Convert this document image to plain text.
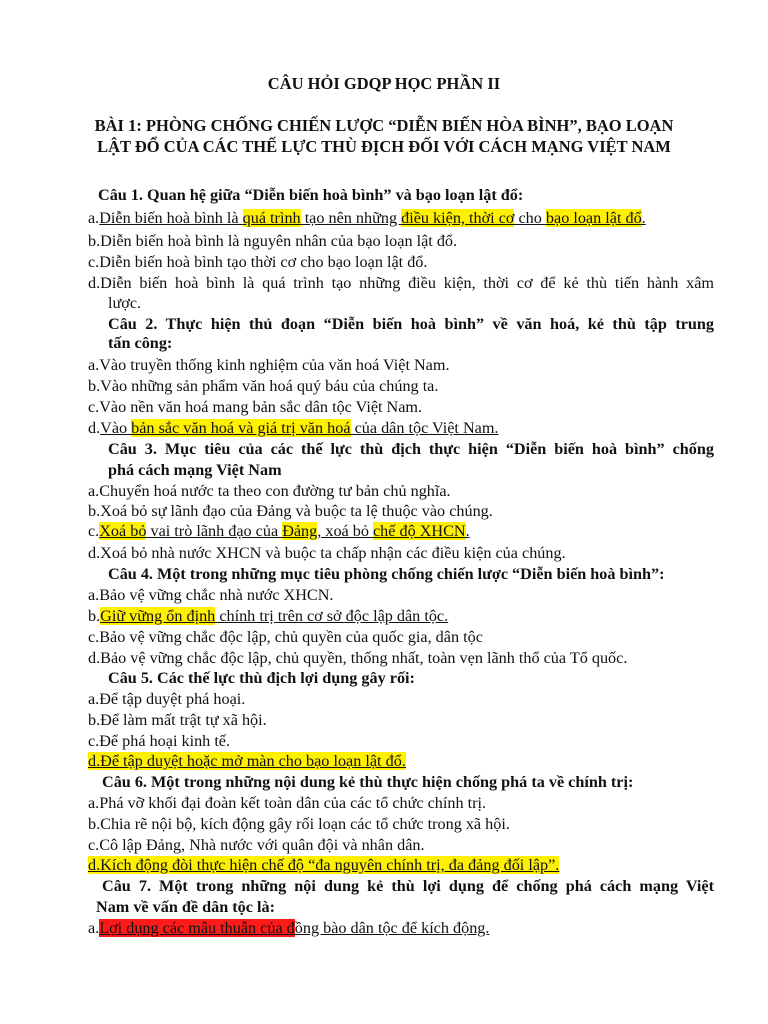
CÂU HỎI GDQP HỌC PHẦN II
BÀI 1: PHÒNG CHỐNG CHIẾN LƯỢC “DIỄN BIẾN HÒA BÌNH”, BẠO LOẠN
LẬT ĐỔ CỦA CÁC THẾ LỰC THÙ ĐỊCH ĐỐI VỚI CÁCH MẠNG VIỆT NAM
Câu 1. Quan hệ giữa “Diễn biến hoà bình” và bạo loạn lật đổ:
a.Diễn biến hoà bình là quá trình tạo nên những điều kiện, thời cơ cho bạo loạn lật đổ.
b.Diễn biến hoà bình là nguyên nhân của bạo loạn lật đổ.
c.Diễn biến hoà bình tạo thời cơ cho bạo loạn lật đổ.
d.Diễn biến hoà bình là quá trình tạo những điều kiện, thời cơ để kẻ thù tiến hành xâm
lược.
Câu 2. Thực hiện thủ đoạn “Diễn biến hoà bình” về văn hoá, kẻ thù tập trung
tấn công:
a.Vào truyền thống kinh nghiệm của văn hoá Việt Nam.
b.Vào những sản phẩm văn hoá quý báu của chúng ta.
c.Vào nền văn hoá mang bản sắc dân tộc Việt Nam.
d.Vào bản sắc văn hoá và giá trị văn hoá của dân tộc Việt Nam.
Câu 3. Mục tiêu của các thế lực thù địch thực hiện “Diễn biến hoà bình” chống
phá cách mạng Việt Nam
a.Chuyển hoá nước ta theo con đường tư bản chủ nghĩa.
b.Xoá bỏ sự lãnh đạo của Đảng và buộc ta lệ thuộc vào chúng.
c.Xoá bỏ vai trò lãnh đạo của Đảng, xoá bỏ chế độ XHCN.
d.Xoá bỏ nhà nước XHCN và buộc ta chấp nhận các điều kiện của chúng.
Câu 4. Một trong những mục tiêu phòng chống chiến lược “Diễn biến hoà bình”:
a.Bảo vệ vững chắc nhà nước XHCN.
b.Giữ vững ổn định chính trị trên cơ sở độc lập dân tộc.
c.Bảo vệ vững chắc độc lập, chủ quyền của quốc gia, dân tộc
d.Bảo vệ vững chắc độc lập, chủ quyền, thống nhất, toàn vẹn lãnh thổ của Tổ quốc.
Câu 5. Các thế lực thù địch lợi dụng gây rối:
a.Để tập duyệt phá hoại.
b.Để làm mất trật tự xã hội.
c.Để phá hoại kinh tế.
d.Để tập duyệt hoặc mở màn cho bạo loạn lật đổ.
Câu 6. Một trong những nội dung kẻ thù thực hiện chống phá ta về chính trị:
a.Phá vỡ khối đại đoàn kết toàn dân của các tổ chức chính trị.
b.Chia rẽ nội bộ, kích động gây rối loạn các tổ chức trong xã hội.
c.Cô lập Đảng, Nhà nước với quân đội và nhân dân.
d.Kích động đòi thực hiện chế độ “đa nguyên chính trị, đa đảng đối lập”.
Câu 7. Một trong những nội dung kẻ thù lợi dụng để chống phá cách mạng Việt
Nam về vấn đề dân tộc là:
a.Lợi dụng các mâu thuẫn của đồng bào dân tộc để kích động.
